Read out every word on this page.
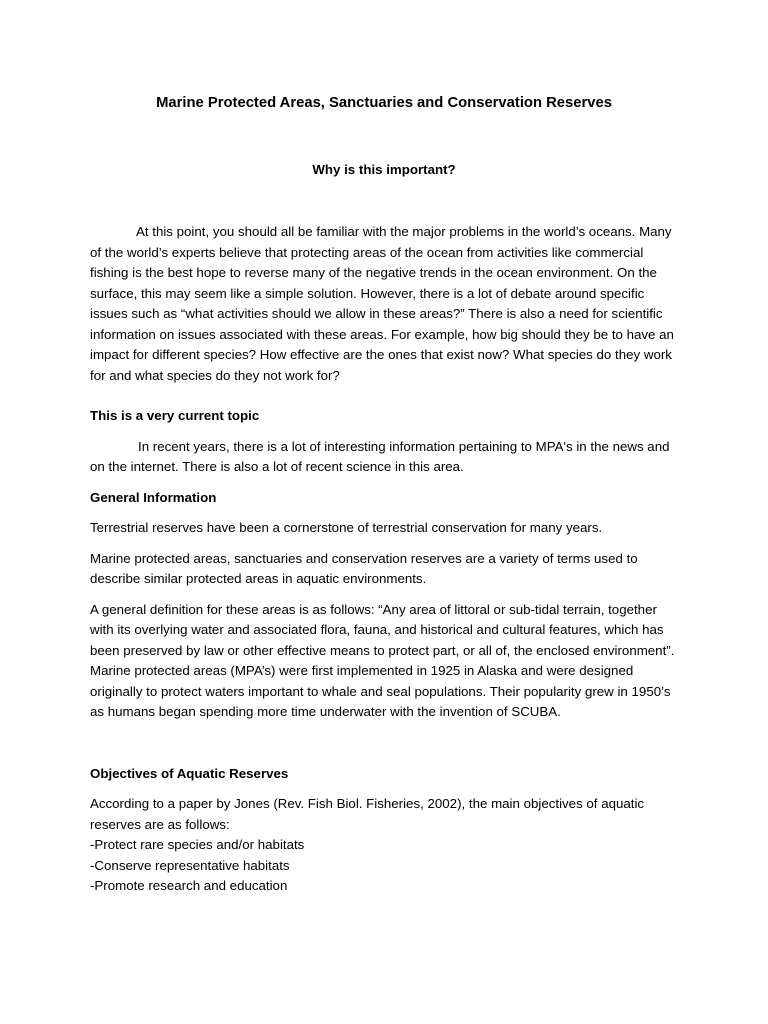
Marine Protected Areas, Sanctuaries and Conservation Reserves
Why is this important?

At this point, you should all be familiar with the major problems in the world’s oceans. Many of the world’s experts believe that protecting areas of the ocean from activities like commercial fishing is the best hope to reverse many of the negative trends in the ocean environment. On the surface, this may seem like a simple solution. However, there is a lot of debate around specific issues such as “what activities should we allow in these areas?” There is also a need for scientific information on issues associated with these areas. For example, how big should they be to have an impact for different species? How effective are the ones that exist now? What species do they work for and what species do they not work for?

This is a very current topic

In recent years, there is a lot of interesting information pertaining to MPA's in the news and on the internet. There is also a lot of recent science in this area.

General Information

Terrestrial reserves have been a cornerstone of terrestrial conservation for many years.

Marine protected areas, sanctuaries and conservation reserves are a variety of terms used to describe similar protected areas in aquatic environments.

A general definition for these areas is as follows: “Any area of littoral or sub-tidal terrain, together with its overlying water and associated flora, fauna, and historical and cultural features, which has been preserved by law or other effective means to protect part, or all of, the enclosed environment”. Marine protected areas (MPA’s) were first implemented in 1925 in Alaska and were designed originally to protect waters important to whale and seal populations. Their popularity grew in 1950’s as humans began spending more time underwater with the invention of SCUBA.

Objectives of Aquatic Reserves

According to a paper by Jones (Rev. Fish Biol. Fisheries, 2002), the main objectives of aquatic reserves are as follows:

-Protect rare species and/or habitats
-Conserve representative habitats
-Promote research and education
